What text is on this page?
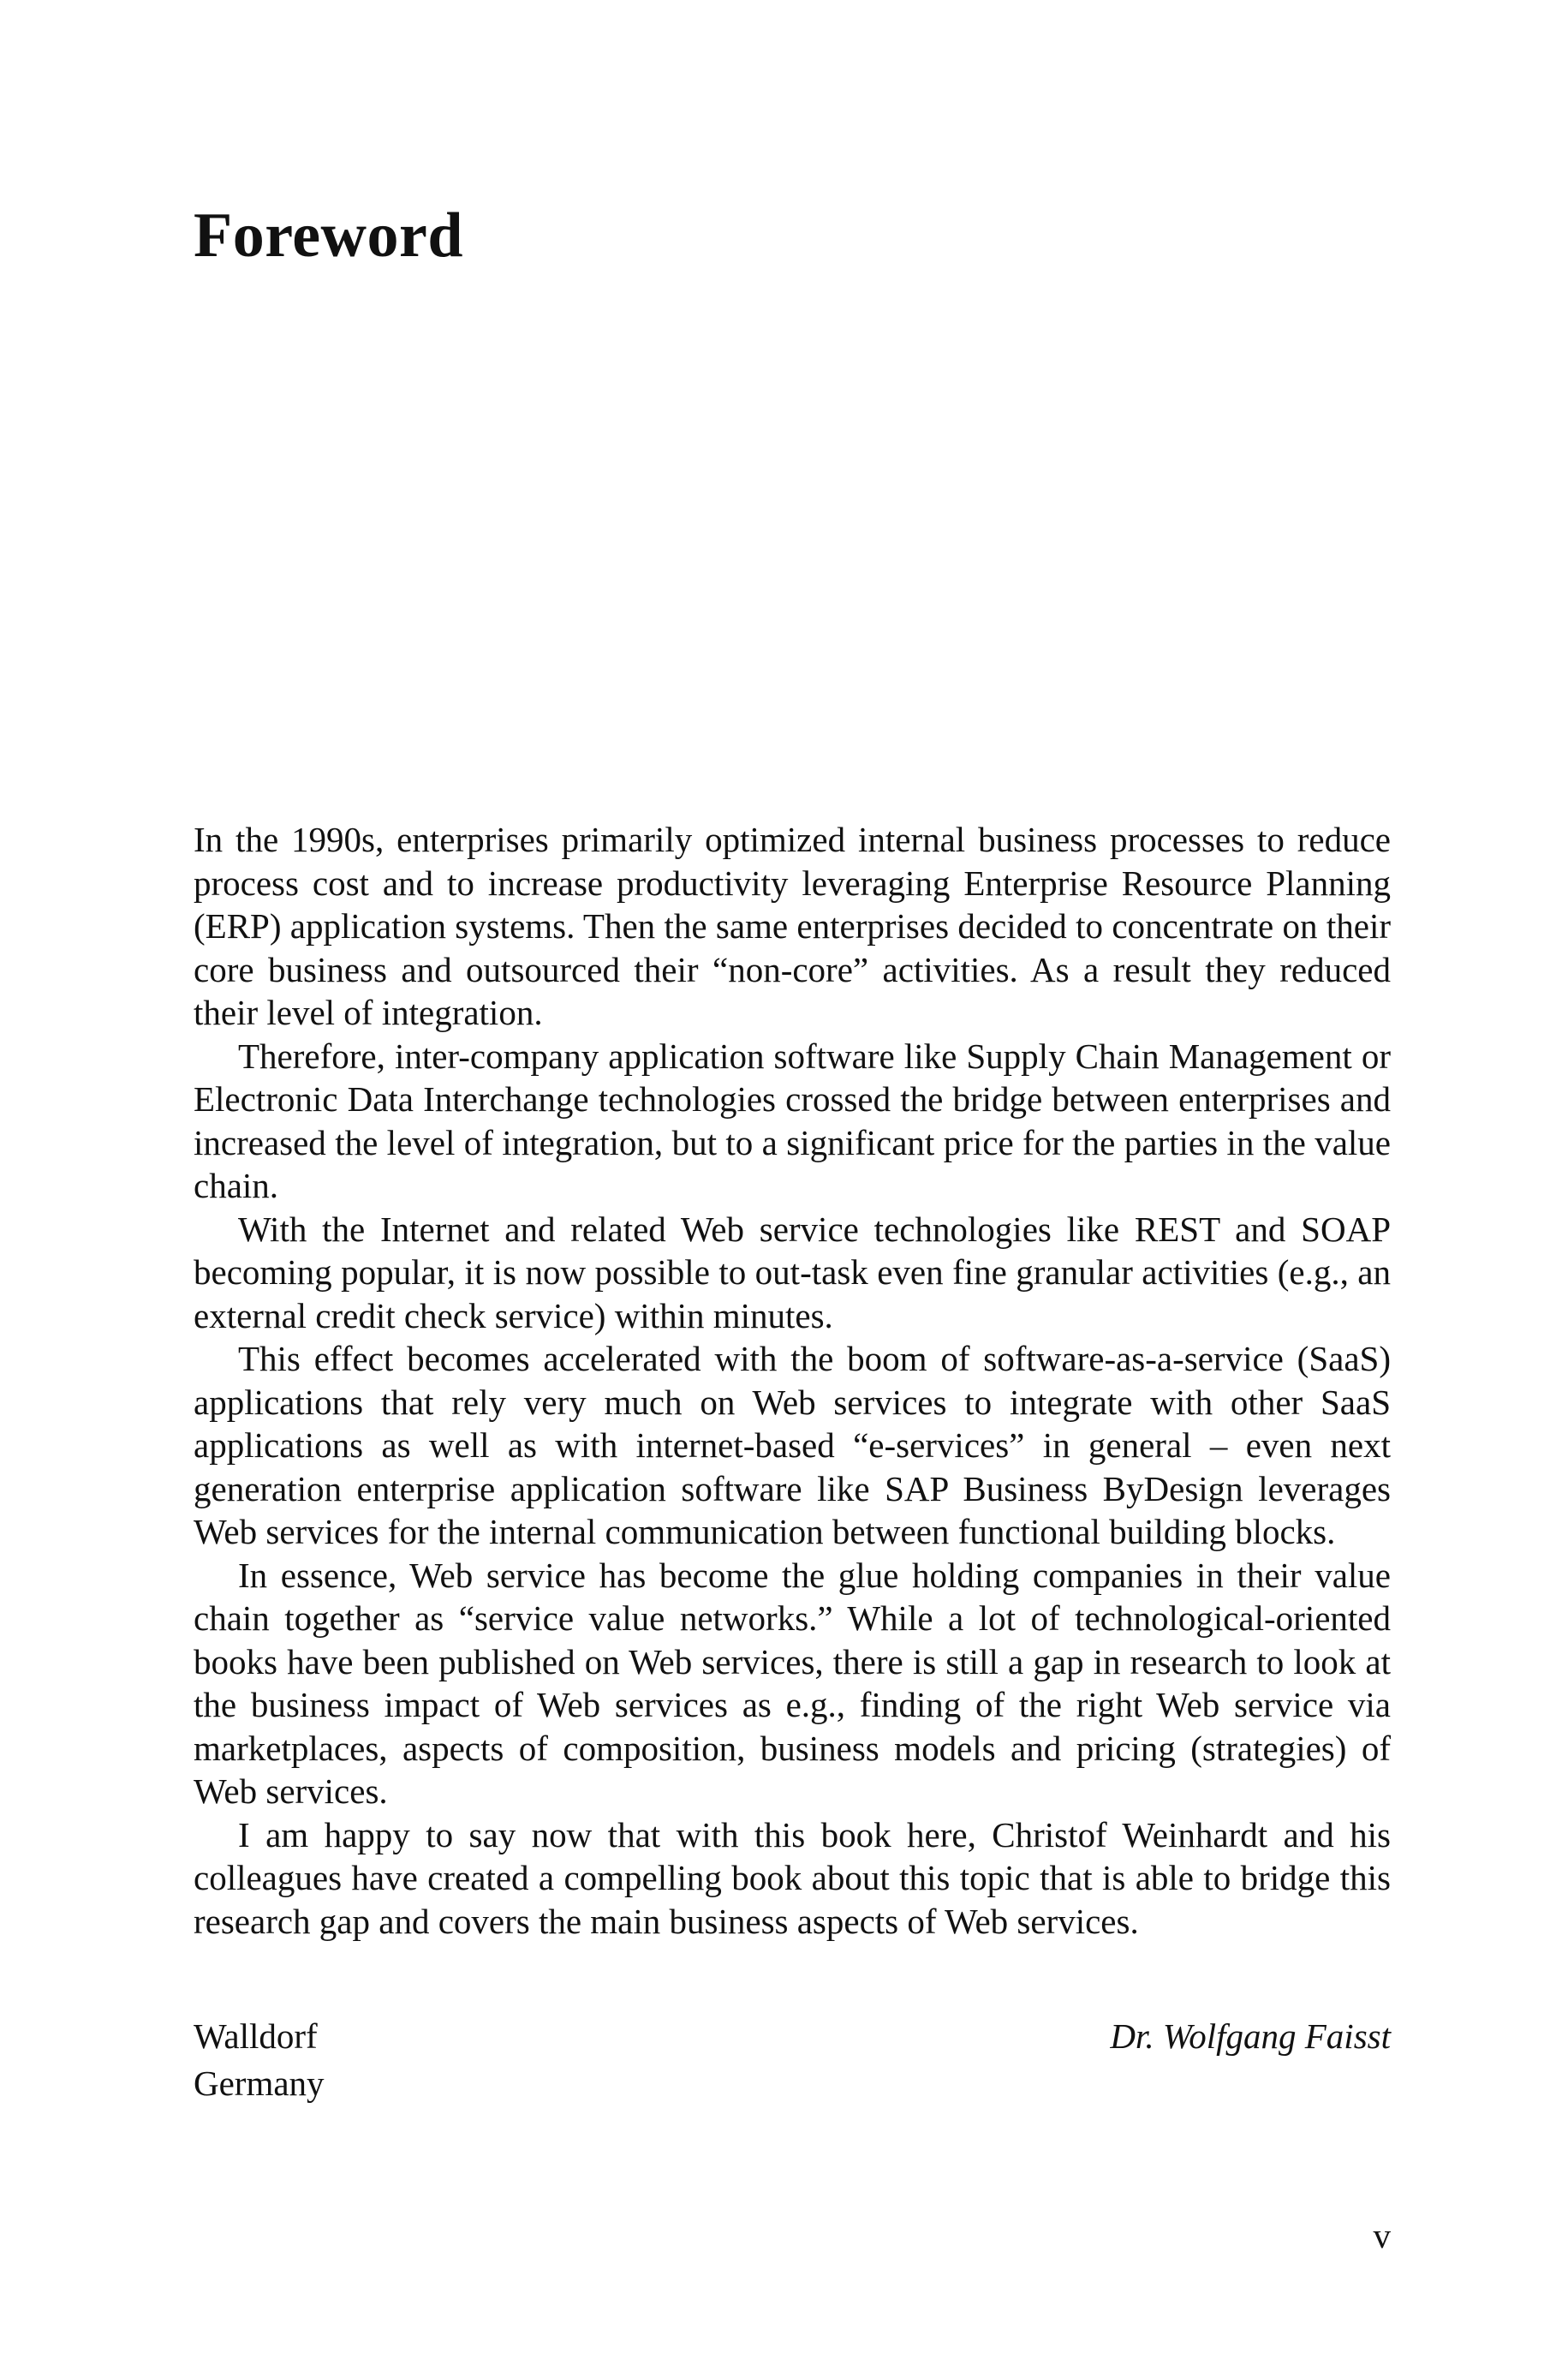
Foreword

In the 1990s, enterprises primarily optimized internal business processes to reduce process cost and to increase productivity leveraging Enterprise Resource Planning (ERP) application systems. Then the same enterprises decided to concentrate on their core business and outsourced their “non-core” activities. As a result they reduced their level of integration.

Therefore, inter-company application software like Supply Chain Management or Electronic Data Interchange technologies crossed the bridge between enterprises and increased the level of integration, but to a significant price for the parties in the value chain.

With the Internet and related Web service technologies like REST and SOAP becoming popular, it is now possible to out-task even fine granular activities (e.g., an external credit check service) within minutes.

This effect becomes accelerated with the boom of software-as-a-service (SaaS) applications that rely very much on Web services to integrate with other SaaS applications as well as with internet-based “e-services” in general – even next generation enterprise application software like SAP Business ByDesign leverages Web services for the internal communication between functional building blocks.

In essence, Web service has become the glue holding companies in their value chain together as “service value networks.” While a lot of technological-oriented books have been published on Web services, there is still a gap in research to look at the business impact of Web services as e.g., finding of the right Web service via marketplaces, aspects of composition, business models and pricing (strategies) of Web services.

I am happy to say now that with this book here, Christof Weinhardt and his colleagues have created a compelling book about this topic that is able to bridge this research gap and covers the main business aspects of Web services.

Walldorf
Germany
Dr. Wolfgang Faisst
v
